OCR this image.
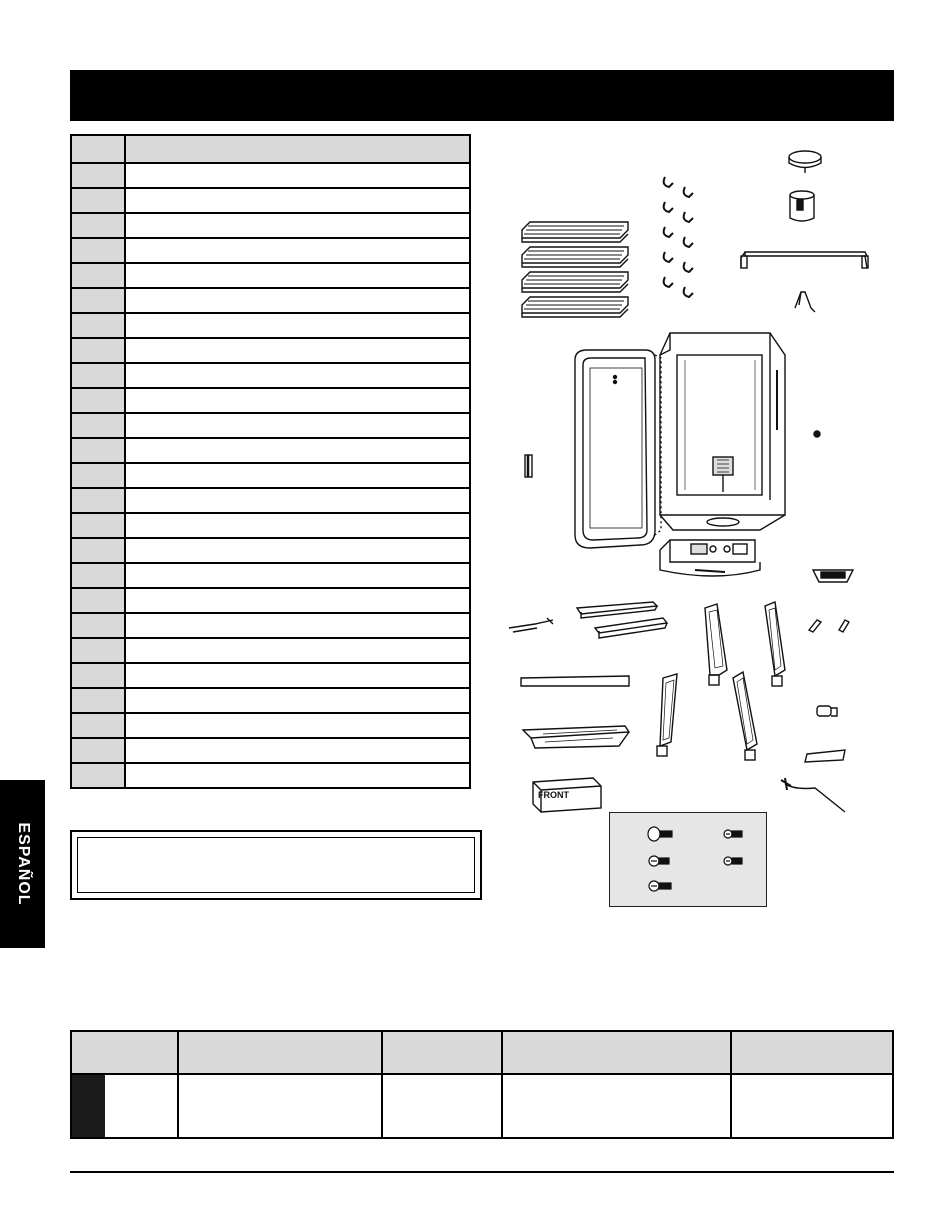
ESPAÑOL
FRONT
